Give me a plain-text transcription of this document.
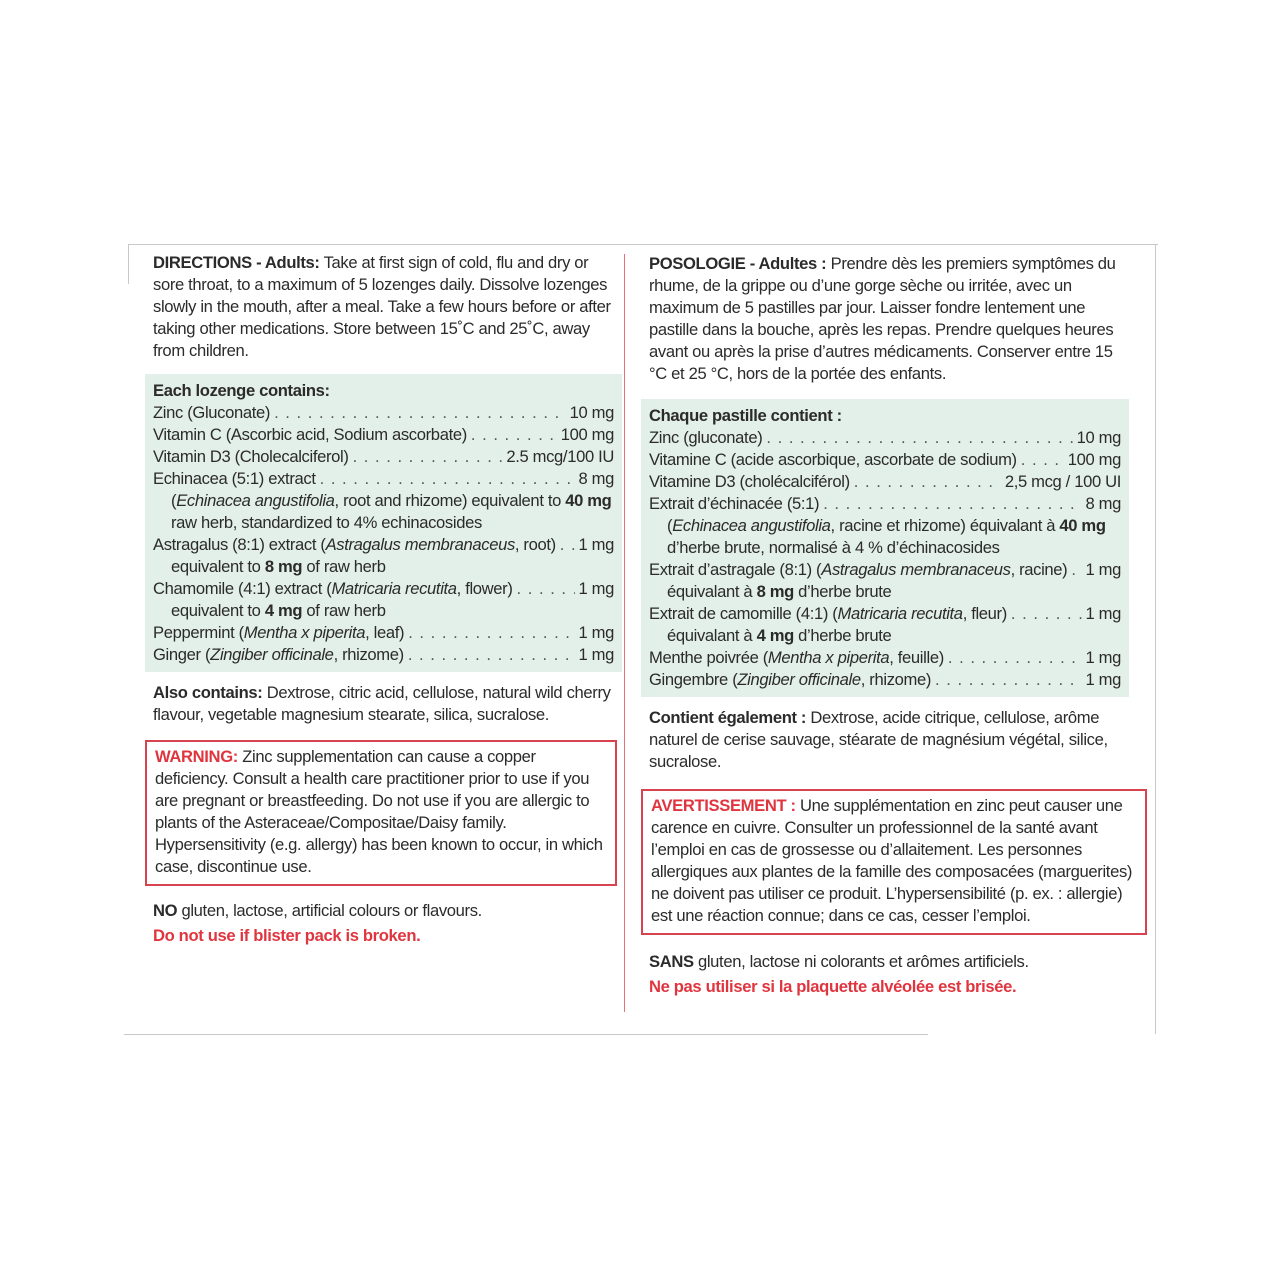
DIRECTIONS - Adults: Take at first sign of cold, flu and dry or sore throat, to a maximum of 5 lozenges daily. Dissolve lozenges slowly in the mouth, after a meal. Take a few hours before or after taking other medications. Store between 15˚C and 25˚C, away from children.

Each lozenge contains:
Zinc (Gluconate) . . .	10 mg
Vitamin C (Ascorbic acid, Sodium ascorbate) . . .	100 mg
Vitamin D3 (Cholecalciferol) . . .	2.5 mcg/100 IU
Echinacea (5:1) extract . . .	8 mg
(Echinacea angustifolia, root and rhizome) equivalent to 40 mg raw herb, standardized to 4% echinacosides
Astragalus (8:1) extract (Astragalus membranaceus, root) . . . 1 mg
equivalent to 8 mg of raw herb
Chamomile (4:1) extract (Matricaria recutita, flower) . . .	1 mg
equivalent to 4 mg of raw herb
Peppermint (Mentha x piperita, leaf) . . .	1 mg
Ginger (Zingiber officinale, rhizome) . . .	1 mg

Also contains: Dextrose, citric acid, cellulose, natural wild cherry flavour, vegetable magnesium stearate, silica, sucralose.

WARNING: Zinc supplementation can cause a copper deficiency. Consult a health care practitioner prior to use if you are pregnant or breastfeeding. Do not use if you are allergic to plants of the Asteraceae/Compositae/Daisy family. Hypersensitivity (e.g. allergy) has been known to occur, in which case, discontinue use.

NO gluten, lactose, artificial colours or flavours.

Do not use if blister pack is broken.

POSOLOGIE - Adultes : Prendre dès les premiers symptômes du rhume, de la grippe ou d’une gorge sèche ou irritée, avec un maximum de 5 pastilles par jour. Laisser fondre lentement une pastille dans la bouche, après les repas. Prendre quelques heures avant ou après la prise d’autres médicaments. Conserver entre 15 °C et 25 °C, hors de la portée des enfants.

Chaque pastille contient :
Zinc (gluconate) . . .	10 mg
Vitamine C (acide ascorbique, ascorbate de sodium) . . .	100 mg
Vitamine D3 (cholécalciférol) . . .	2,5 mcg / 100 UI
Extrait d’échinacée (5:1) . . .	8 mg
(Echinacea angustifolia, racine et rhizome) équivalant à 40 mg d’herbe brute, normalisé à 4 % d’échinacosides
Extrait d’astragale (8:1) (Astragalus membranaceus, racine) . . . 1 mg
équivalant à 8 mg d’herbe brute
Extrait de camomille (4:1) (Matricaria recutita, fleur) . . .	1 mg
équivalant à 4 mg d’herbe brute
Menthe poivrée (Mentha x piperita, feuille) . . .	1 mg
Gingembre (Zingiber officinale, rhizome) . . .	1 mg

Contient également : Dextrose, acide citrique, cellulose, arôme naturel de cerise sauvage, stéarate de magnésium végétal, silice, sucralose.

AVERTISSEMENT : Une supplémentation en zinc peut causer une carence en cuivre. Consulter un professionnel de la santé avant l’emploi en cas de grossesse ou d’allaitement. Les personnes allergiques aux plantes de la famille des composacées (marguerites) ne doivent pas utiliser ce produit. L’hypersensibilité (p. ex. : allergie) est une réaction connue; dans ce cas, cesser l’emploi.

SANS gluten, lactose ni colorants et arômes artificiels.

Ne pas utiliser si la plaquette alvéolée est brisée.
